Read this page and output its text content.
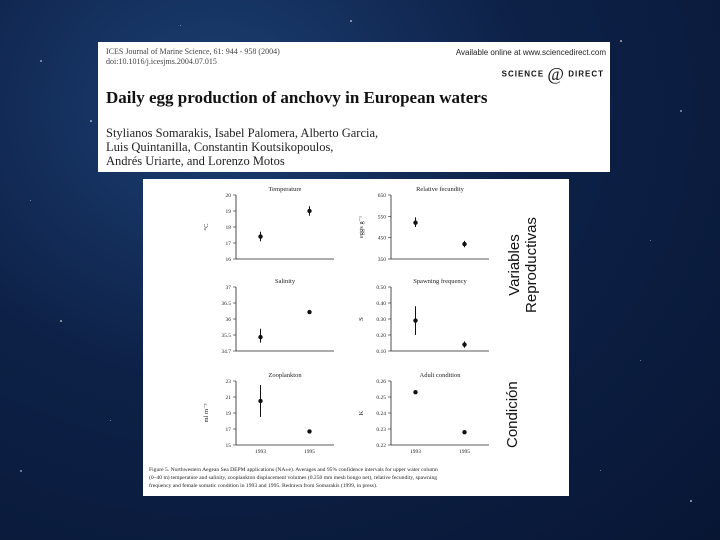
ICES Journal of Marine Science, 61: 944 - 958 (2004)
doi:10.1016/j.icesjms.2004.07.015
Available online at www.sciencedirect.com
SCIENCE @ DIRECT
Daily egg production of anchovy in European waters
Stylianos Somarakis, Isabel Palomera, Alberto Garcia,
Luis Quintanilla, Constantin Koutsikopoulos,
Andrés Uriarte, and Lorenzo Motos
Temperature
°C
20
19
18
17
16
Salinity
37
36.5
36
35.5
34.7
Zooplankton
ml m⁻³
23
21
19
17
15
1993	1995
Relative fecundity
eggs g⁻¹
650
550
450
350
Spawning frequency
S
0.50
0.40
0.30
0.20
0.10
Adult condition
K
0.26
0.25
0.24
0.23
0.22
1993	1995
Figure 5. Northwestern Aegean Sea DEPM applications (NA±e). Averages and 95% confidence intervals for upper water column
(0–40 m) temperature and salinity, zooplankton displacement volumes (0.250 mm mesh bongo net), relative fecundity, spawning
frequency and female somatic condition in 1993 and 1995. Redrawn from Somarakis (1999, in press).
Variables Reproductivas
Condición
